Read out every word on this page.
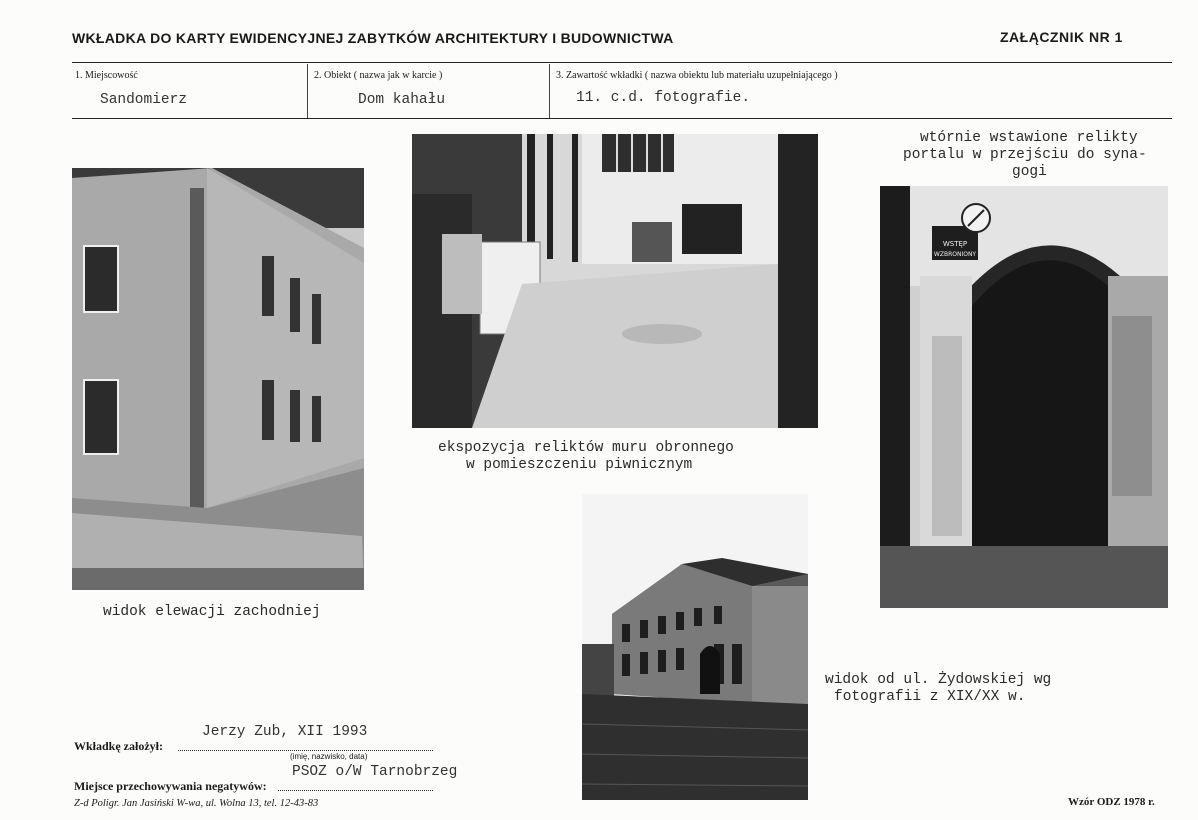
WKŁADKA DO KARTY EWIDENCYJNEJ ZABYTKÓW ARCHITEKTURY I BUDOWNICTWA	ZAŁĄCZNIK NR 1
1. Miejscowość
Sandomierz
2. Obiekt ( nazwa jak w karcie )
Dom kahału
3. Zawartość wkładki ( nazwa obiektu lub materiału uzupełniającego )
11. c.d. fotografie.
widok elewacji zachodniej
ekspozycja reliktów muru obronnego
w pomieszczeniu piwnicznym
wtórnie wstawione relikty
portalu w przejściu do syna-
gogi
WSTĘP
WZBRONIONY
widok od ul. Żydowskiej wg
fotografii z XIX/XX w.
Jerzy Zub, XII 1993
Wkładkę założył:
(imię, nazwisko, data)
PSOZ o/W Tarnobrzeg
Miejsce przechowywania negatywów:
Z-d Poligr. Jan Jasiński W-wa, ul. Wolna 13, tel. 12-43-83	Wzór ODZ 1978 r.
